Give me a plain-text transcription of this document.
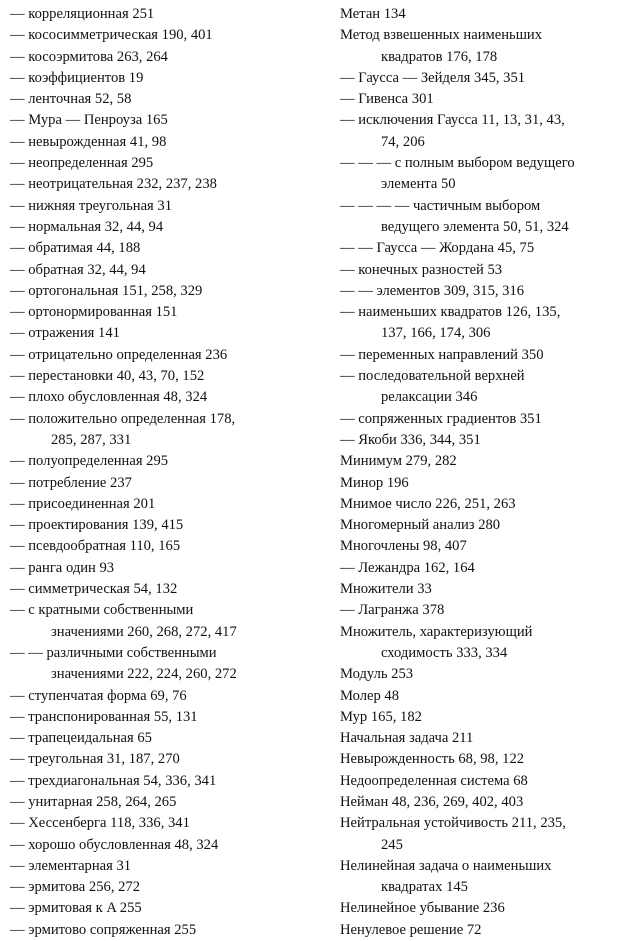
— корреляционная 251
— кососимметрическая 190, 401
— косоэрмитова 263, 264
— коэффициентов 19
— ленточная 52, 58
— Мура — Пенроуза 165
— невырожденная 41, 98
— неопределенная 295
— неотрицательная 232, 237, 238
— нижняя треугольная 31
— нормальная 32, 44, 94
— обратимая 44, 188
— обратная 32, 44, 94
— ортогональная 151, 258, 329
— ортонормированная 151
— отражения 141
— отрицательно определенная 236
— перестановки 40, 43, 70, 152
— плохо обусловленная 48, 324
— положительно определенная 178,
285, 287, 331
— полуопределенная 295
— потребление 237
— присоединенная 201
— проектирования 139, 415
— псевдообратная 110, 165
— ранга один 93
— симметрическая 54, 132
— с кратными собственными
значениями 260, 268, 272, 417
— — различными собственными
значениями 222, 224, 260, 272
— ступенчатая форма 69, 76
— транспонированная 55, 131
— трапецеидальная 65
— треугольная 31, 187, 270
— трехдиагональная 54, 336, 341
— унитарная 258, 264, 265
— Хессенберга 118, 336, 341
— хорошо обусловленная 48, 324
— элементарная 31
— эрмитова 256, 272
— эрмитовая к A 255
— эрмитово сопряженная 255
Метан 134
Метод взвешенных наименьших
квадратов 176, 178
— Гаусса — Зейделя 345, 351
— Гивенса 301
— исключения Гаусса 11, 13, 31, 43,
74, 206
— — — с полным выбором ведущего
элемента 50
— — — — частичным выбором
ведущего элемента 50, 51, 324
— — Гаусса — Жордана 45, 75
— конечных разностей 53
— — элементов 309, 315, 316
— наименьших квадратов 126, 135,
137, 166, 174, 306
— переменных направлений 350
— последовательной верхней
релаксации 346
— сопряженных градиентов 351
— Якоби 336, 344, 351
Минимум 279, 282
Минор 196
Мнимое число 226, 251, 263
Многомерный анализ 280
Многочлены 98, 407
— Лежандра 162, 164
Множители 33
— Лагранжа 378
Множитель, характеризующий
сходимость 333, 334
Модуль 253
Молер 48
Мур 165, 182
Начальная задача 211
Невырожденность 68, 98, 122
Недоопределенная система 68
Нейман 48, 236, 269, 402, 403
Нейтральная устойчивость 211, 235,
245
Нелинейная задача о наименьших
квадратах 145
Нелинейное убывание 236
Ненулевое решение 72
